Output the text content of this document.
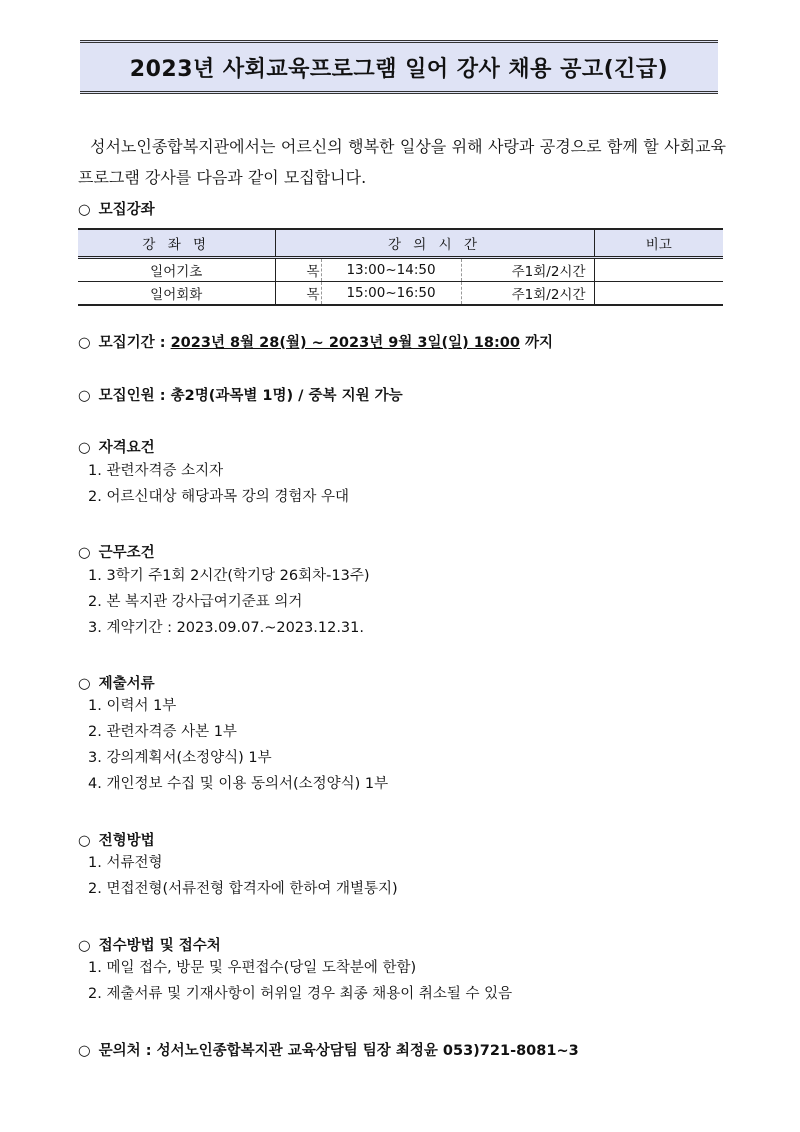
2023년 사회교육프로그램 일어 강사 채용 공고(긴급)

성서노인종합복지관에서는 어르신의 행복한 일상을 위해 사랑과 공경으로 함께 할 사회교육프로그램 강사를 다음과 같이 모집합니다.

○ 모집강좌
강 좌 명	강 의 시 간			비고
일어기초	목	13:00~14:50	주1회/2시간	
일어회화	목	15:00~16:50	주1회/2시간	
○ 모집기간 : 2023년 8월 28(월) ~ 2023년 9월 3일(일) 18:00 까지
○ 모집인원 : 총2명(과목별 1명) / 중복 지원 가능
○ 자격요건
1. 관련자격증 소지자
2. 어르신대상 해당과목 강의 경험자 우대
○ 근무조건
1. 3학기 주1회 2시간(학기당 26회차-13주)
2. 본 복지관 강사급여기준표 의거
3. 계약기간 : 2023.09.07.~2023.12.31.
○ 제출서류
1. 이력서 1부
2. 관련자격증 사본 1부
3. 강의계획서(소정양식) 1부
4. 개인정보 수집 및 이용 동의서(소정양식) 1부
○ 전형방법
1. 서류전형
2. 면접전형(서류전형 합격자에 한하여 개별통지)
○ 접수방법 및 접수처
1. 메일 접수, 방문 및 우편접수(당일 도착분에 한함)
2. 제출서류 및 기재사항이 허위일 경우 최종 채용이 취소될 수 있음
○ 문의처 : 성서노인종합복지관 교육상담팀 팀장 최정윤 053)721-8081~3
